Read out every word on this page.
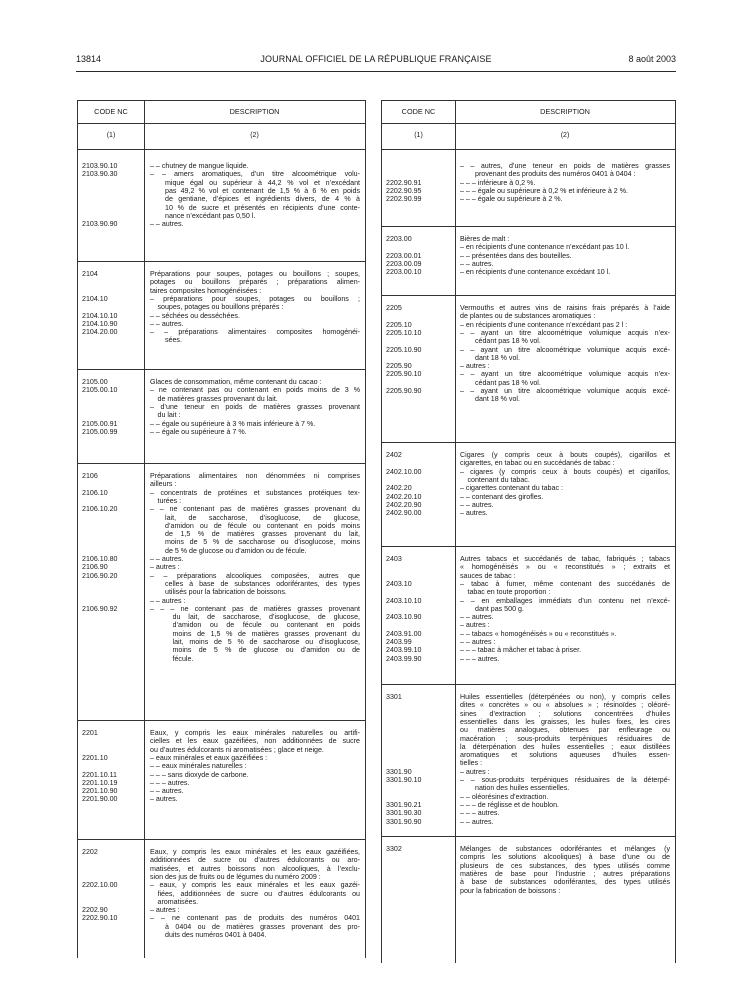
13814	JOURNAL OFFICIEL DE LA RÉPUBLIQUE FRANÇAISE	8 août 2003
CODE NC	DESCRIPTION
(1)	(2)
2103.90.10	– – chutney de mangue liquide.
2103.90.30	– – amers aromatiques, d’un titre alcoométrique volu-
mique égal ou supérieur à 44,2 % vol et n’excédant
pas 49,2 % vol et contenant de 1,5 % à 6 % en poids
de gentiane, d’épices et ingrédients divers, de 4 % à
10 % de sucre et présentés en récipients d’une conte-
nance n’excédant pas 0,50 l.
2103.90.90	– – autres.
2104	Préparations pour soupes, potages ou bouillons ; soupes,
potages ou bouillons préparés ; préparations alimen-
taires composites homogénéisées :
2104.10	– préparations pour soupes, potages ou bouillons ;
soupes, potages ou bouillons préparés :
2104.10.10	– – séchées ou desséchées.
2104.10.90	– – autres.
2104.20.00	– – préparations alimentaires composites homogénéi-
sées.
2105.00	Glaces de consommation, même contenant du cacao :
2105.00.10	– ne contenant pas ou contenant en poids moins de 3 %
de matières grasses provenant du lait.
– d’une teneur en poids de matières grasses provenant
du lait :
2105.00.91	– – égale ou supérieure à 3 % mais inférieure à 7 %.
2105.00.99	– – égale ou supérieure à 7 %.
2106	Préparations alimentaires non dénommées ni comprises
ailleurs :
2106.10	– concentrats de protéines et substances protéiques tex-
turées :
2106.10.20	– – ne contenant pas de matières grasses provenant du
lait, de saccharose, d’isoglucose, de glucose,
d’amidon ou de fécule ou contenant en poids moins
de 1,5 % de matières grasses provenant du lait,
moins de 5 % de saccharose ou d’isoglucose, moins
de 5 % de glucose ou d’amidon ou de fécule.
2106.10.80	– – autres.
2106.90	– autres :
2106.90.20	– – préparations alcooliques composées, autres que
celles à base de substances odoriférantes, des types
utilisés pour la fabrication de boissons.
– – autres :
2106.90.92	– – – ne contenant pas de matières grasses provenant
du lait, de saccharose, d’isoglucose, de glucose,
d’amidon ou de fécule ou contenant en poids
moins de 1,5 % de matières grasses provenant du
lait, moins de 5 % de saccharose ou d’isoglucose,
moins de 5 % de glucose ou d’amidon ou de
fécule.
2201	Eaux, y compris les eaux minérales naturelles ou artifi-
cielles et les eaux gazéifiées, non additionnées de sucre
ou d’autres édulcorants ni aromatisées ; glace et neige.
2201.10	– eaux minérales et eaux gazéifiées :
– – eaux minérales naturelles :
2201.10.11	– – – sans dioxyde de carbone.
2201.10.19	– – – autres.
2201.10.90	– – autres.
2201.90.00	– autres.
2202	Eaux, y compris les eaux minérales et les eaux gazéifiées,
additionnées de sucre ou d’autres édulcorants ou aro-
matisées, et autres boissons non alcooliques, à l’exclu-
sion des jus de fruits ou de légumes du numéro 2009 :
2202.10.00	– eaux, y compris les eaux minérales et les eaux gazéi-
fiées, additionnées de sucre ou d’autres édulcorants ou
aromatisées.
2202.90	– autres :
2202.90.10	– – ne contenant pas de produits des numéros 0401
à 0404 ou de matières grasses provenant des pro-
duits des numéros 0401 à 0404.
CODE NC	DESCRIPTION
(1)	(2)
– – autres, d’une teneur en poids de matières grasses
provenant des produits des numéros 0401 à 0404 :
2202.90.91	– – – inférieure à 0,2 %.
2202.90.95	– – – égale ou supérieure à 0,2 % et inférieure à 2 %.
2202.90.99	– – – égale ou supérieure à 2 %.
2203.00	Bières de malt :
– en récipients d’une contenance n’excédant pas 10 l.
2203.00.01	– – présentées dans des bouteilles.
2203.00.09	– – autres.
2203.00.10	– en récipients d’une contenance excédant 10 l.
2205	Vermouths et autres vins de raisins frais préparés à l’aide
de plantes ou de substances aromatiques :
2205.10	– en récipients d’une contenance n’excédant pas 2 l :
2205.10.10	– – ayant un titre alcoométrique volumique acquis n’ex-
cédant pas 18 % vol.
2205.10.90	– – ayant un titre alcoométrique volumique acquis excé-
dant 18 % vol.
2205.90	– autres :
2205.90.10	– – ayant un titre alcoométrique volumique acquis n’ex-
cédant pas 18 % vol.
2205.90.90	– – ayant un titre alcoométrique volumique acquis excé-
dant 18 % vol.
2402	Cigares (y compris ceux à bouts coupés), cigarillos et
cigarettes, en tabac ou en succédanés de tabac :
2402.10.00	– cigares (y compris ceux à bouts coupés) et cigarillos,
contenant du tabac.
2402.20	– cigarettes contenant du tabac :
2402.20.10	– – contenant des girofles.
2402.20.90	– – autres.
2402.90.00	– autres.
2403	Autres tabacs et succédanés de tabac, fabriqués ; tabacs
« homogénéisés » ou « reconstitués » ; extraits et
sauces de tabac :
2403.10	– tabac à fumer, même contenant des succédanés de
tabac en toute proportion :
2403.10.10	– – en emballages immédiats d’un contenu net n’excé-
dant pas 500 g.
2403.10.90	– – autres.
– autres :
2403.91.00	– – tabacs « homogénéisés » ou « reconstitués ».
2403.99	– – autres :
2403.99.10	– – – tabac à mâcher et tabac à priser.
2403.99.90	– – – autres.
3301	Huiles essentielles (déterpénées ou non), y compris celles
dites « concrètes » ou « absolues » ; résinoïdes ; oléoré-
sines d’extraction ; solutions concentrées d’huiles
essentielles dans les graisses, les huiles fixes, les cires
ou matières analogues, obtenues par enfleurage ou
macération ; sous-produits terpéniques résiduaires de
la déterpénation des huiles essentielles ; eaux distillées
aromatiques et solutions aqueuses d’huiles essen-
tielles :
3301.90	– autres :
3301.90.10	– – sous-produits terpéniques résiduaires de la déterpé-
nation des huiles essentielles.
– – oléorésines d’extraction.
3301.90.21	– – – de réglisse et de houblon.
3301.90.30	– – – autres.
3301.90.90	– – autres.
3302	Mélanges de substances odoriférantes et mélanges (y
compris les solutions alcooliques) à base d’une ou de
plusieurs de ces substances, des types utilisés comme
matières de base pour l’industrie ; autres préparations
à base de substances odoriférantes, des types utilisés
pour la fabrication de boissons :
